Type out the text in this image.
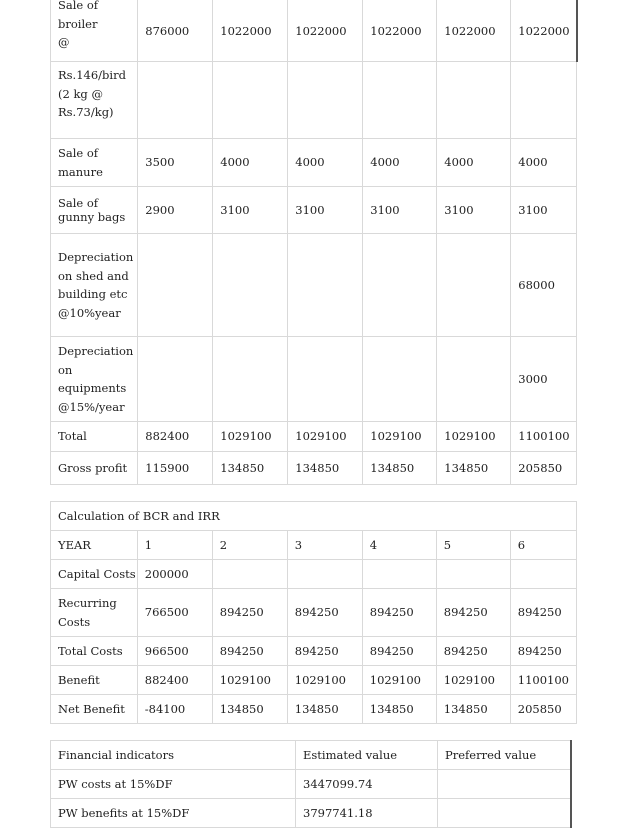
Sale of broiler @	876000	1022000	1022000	1022000	1022000	1022000
Rs.146/bird (2 kg @ Rs.73/kg)						
Sale of manure	3500	4000	4000	4000	4000	4000
Sale of gunny bags	2900	3100	3100	3100	3100	3100
Depreciation on shed and building etc@10%year						68000
Depreciation on equipments @15%/year						3000
Total	882400	1029100	1029100	1029100	1029100	1100100
Gross profit	115900	134850	134850	134850	134850	205850
Calculation of BCR and IRR						
YEAR	1	2	3	4	5	6
Capital Costs	200000					
Recurring Costs	766500	894250	894250	894250	894250	894250
Total Costs	966500	894250	894250	894250	894250	894250
Benefit	882400	1029100	1029100	1029100	1029100	1100100
Net Benefit	-84100	134850	134850	134850	134850	205850
Financial indicators	Estimated value	Preferred value	
PW costs at 15%DF	3447099.74		
PW benefits at 15%DF	3797741.18		
